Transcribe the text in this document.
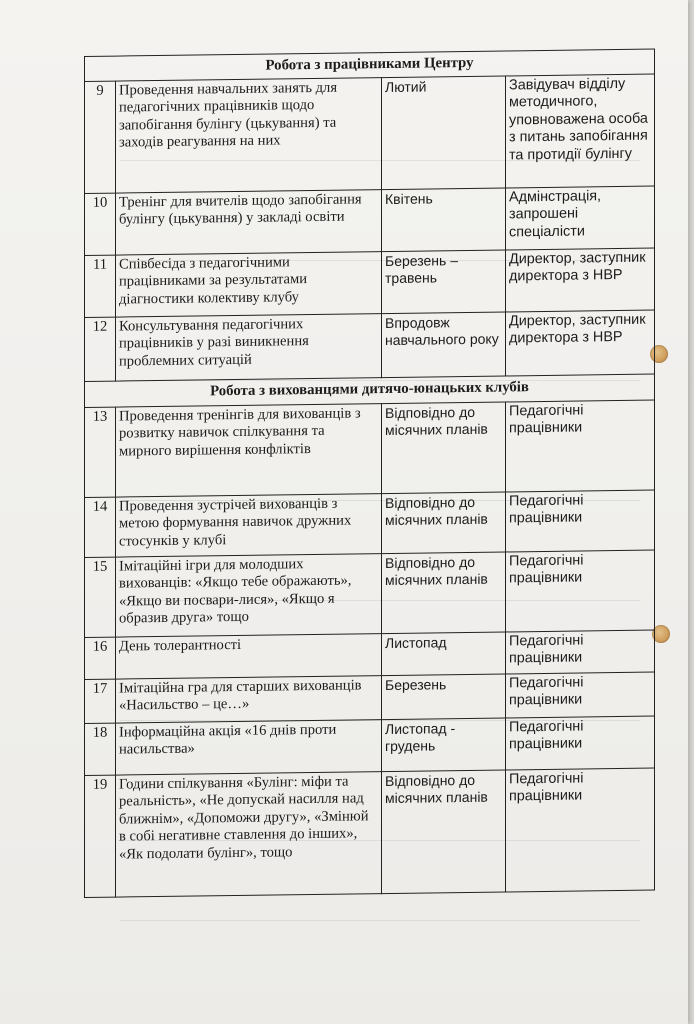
Робота з працівниками Центру			
9	Проведення навчальних занять для педагогічних працівників щодо запобігання булінгу (цькування) та заходів реагування на них	Лютий	Завідувач відділу методичного, уповноважена особа з питань запобігання та протидії булінгу
10	Тренінг для вчителів щодо запобігання булінгу (цькування) у закладі освіти	Квітень	Адмінстрація, запрошені спеціалісти
11	Співбесіда з педагогічними працівниками за результатами діагностики колективу клубу	Березень – травень	Директор, заступник директора з НВР
12	Консультування педагогічних працівників у разі виникнення проблемних ситуацій	Впродовж навчального року	Директор, заступник директора з НВР
Робота з вихованцями дитячо-юнацьких клубів			
13	Проведення тренінгів для вихованців з розвитку навичок спілкування та мирного вирішення конфліктів	Відповідно до місячних планів	Педагогічні працівники
14	Проведення зустрічей вихованців з метою формування навичок дружних стосунків у клубі	Відповідно до місячних планів	Педагогічні працівники
15	Імітаційні ігри для молодших вихованців: «Якщо тебе ображають», «Якщо ви посвари-лися», «Якщо я образив друга» тощо	Відповідно до місячних планів	Педагогічні працівники
16	День толерантності	Листопад	Педагогічні працівники
17	Імітаційна гра для старших вихованців «Насильство – це…»	Березень	Педагогічні працівники
18	Інформаційна акція «16 днів проти насильства»	Листопад - грудень	Педагогічні працівники
19	Години спілкування «Булінг: міфи та реальність», «Не допускай насилля над ближнім», «Допоможи другу», «Змінюй в собі негативне ставлення до інших», «Як подолати булінг», тощо	Відповідно до місячних планів	Педагогічні працівники
